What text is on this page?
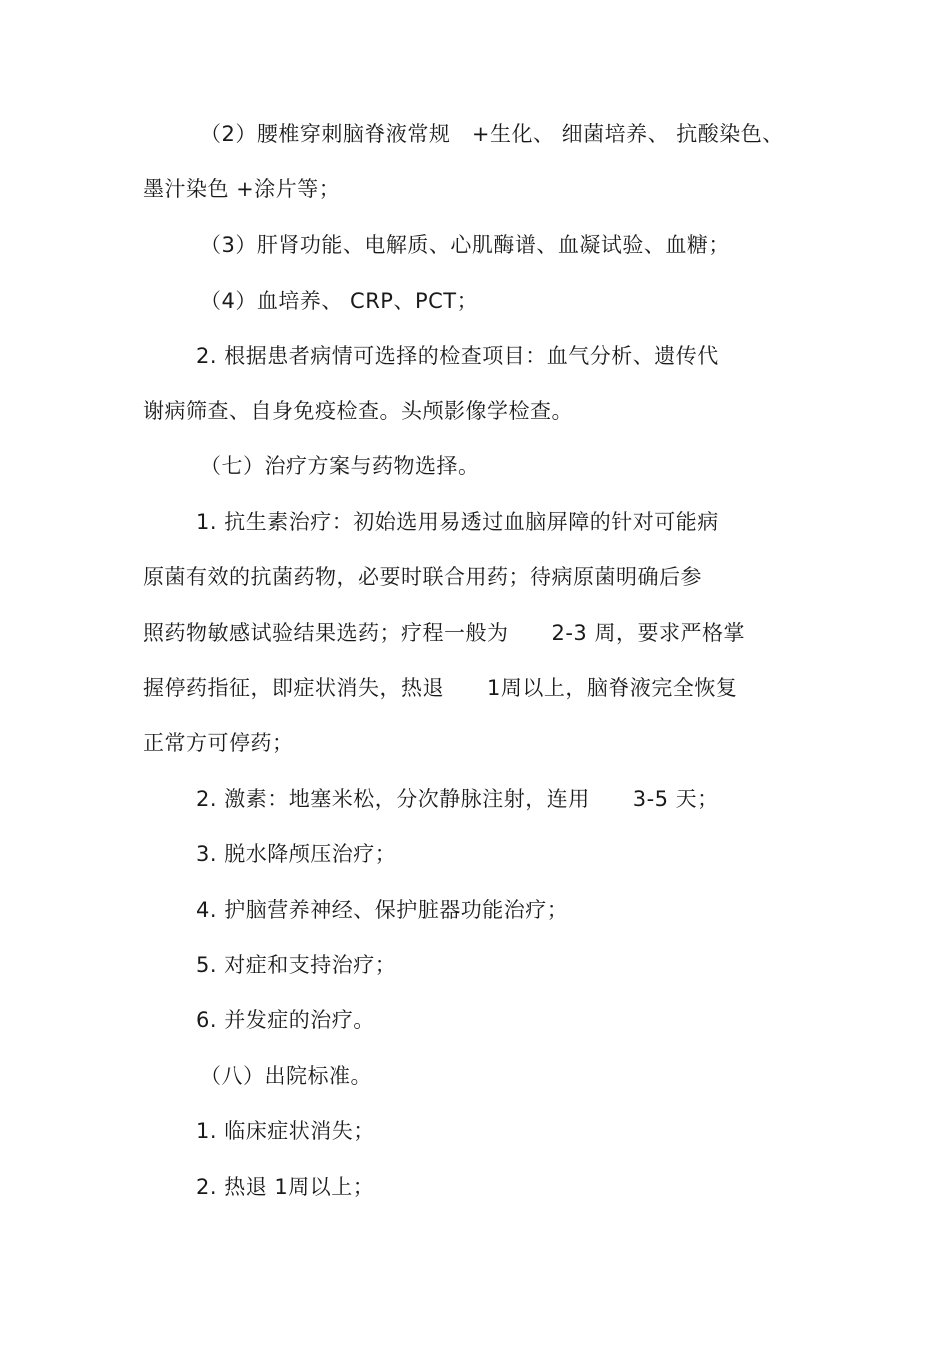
（2）腰椎穿刺脑脊液常规　+生化、 细菌培养、 抗酸染色、
墨汁染色 +涂片等；
（3）肝肾功能、电解质、心肌酶谱、血凝试验、血糖；
（4）血培养、 CRP、PCT；
2. 根据患者病情可选择的检查项目：血气分析、遗传代
谢病筛查、自身免疫检查。头颅影像学检查。
（七）治疗方案与药物选择。
1. 抗生素治疗：初始选用易透过血脑屏障的针对可能病
原菌有效的抗菌药物，必要时联合用药；待病原菌明确后参
照药物敏感试验结果选药；疗程一般为　　2-3 周，要求严格掌
握停药指征，即症状消失，热退　　1周以上，脑脊液完全恢复
正常方可停药；
2. 激素：地塞米松，分次静脉注射，连用　　3-5 天；
3. 脱水降颅压治疗；
4. 护脑营养神经、保护脏器功能治疗；
5. 对症和支持治疗；
6. 并发症的治疗。
（八）出院标准。
1. 临床症状消失；
2. 热退 1周以上；
